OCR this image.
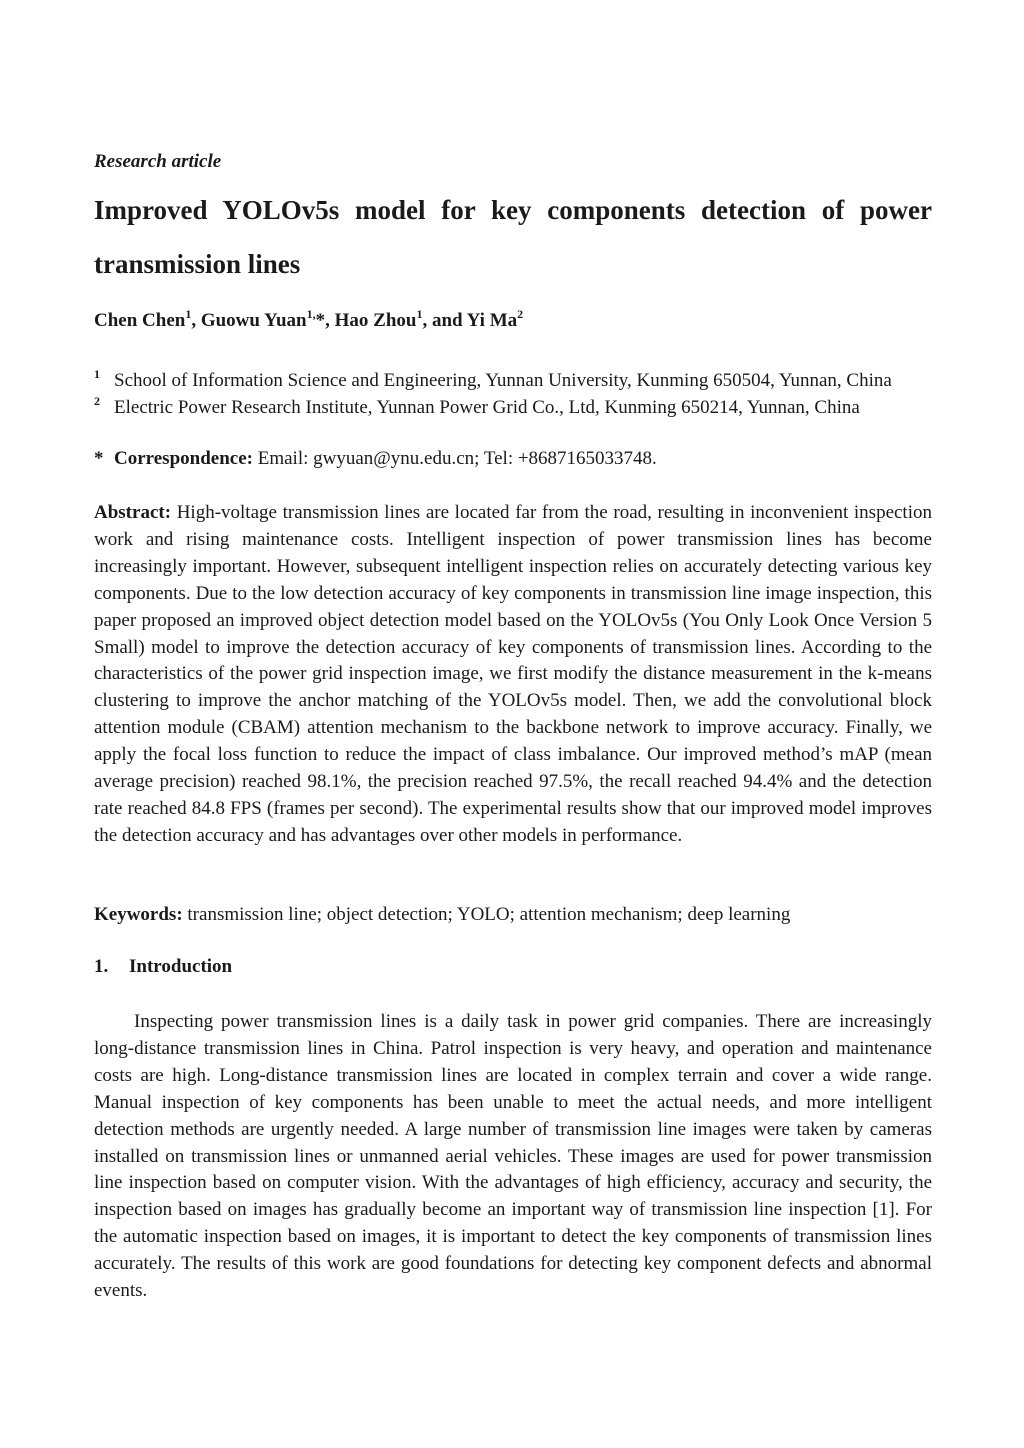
Research article
Improved YOLOv5s model for key components detection of power transmission lines
Chen Chen$^1$, Guowu Yuan$^{1,}$*, Hao Zhou$^1$, and Yi Ma$^2$
1 School of Information Science and Engineering, Yunnan University, Kunming 650504, Yunnan, China
2 Electric Power Research Institute, Yunnan Power Grid Co., Ltd, Kunming 650214, Yunnan, China
* Correspondence: Email: gwyuan@ynu.edu.cn; Tel: +8687165033748.

Abstract: High-voltage transmission lines are located far from the road, resulting in inconvenient inspection work and rising maintenance costs. Intelligent inspection of power transmission lines has become increasingly important. However, subsequent intelligent inspection relies on accurately detecting various key components. Due to the low detection accuracy of key components in transmission line image inspection, this paper proposed an improved object detection model based on the YOLOv5s (You Only Look Once Version 5 Small) model to improve the detection accuracy of key components of transmission lines. According to the characteristics of the power grid inspection image, we first modify the distance measurement in the k-means clustering to improve the anchor matching of the YOLOv5s model. Then, we add the convolutional block attention module (CBAM) attention mechanism to the backbone network to improve accuracy. Finally, we apply the focal loss function to reduce the impact of class imbalance. Our improved method’s mAP (mean average precision) reached 98.1%, the precision reached 97.5%, the recall reached 94.4% and the detection rate reached 84.8 FPS (frames per second). The experimental results show that our improved model improves the detection accuracy and has advantages over other models in performance.

Keywords: transmission line; object detection; YOLO; attention mechanism; deep learning

1. Introduction

Inspecting power transmission lines is a daily task in power grid companies. There are increasingly long-distance transmission lines in China. Patrol inspection is very heavy, and operation and maintenance costs are high. Long-distance transmission lines are located in complex terrain and cover a wide range. Manual inspection of key components has been unable to meet the actual needs, and more intelligent detection methods are urgently needed. A large number of transmission line images were taken by cameras installed on transmission lines or unmanned aerial vehicles. These images are used for power transmission line inspection based on computer vision. With the advantages of high efficiency, accuracy and security, the inspection based on images has gradually become an important way of transmission line inspection [1]. For the automatic inspection based on images, it is important to detect the key components of transmission lines accurately. The results of this work are good foundations for detecting key component defects and abnormal events.
